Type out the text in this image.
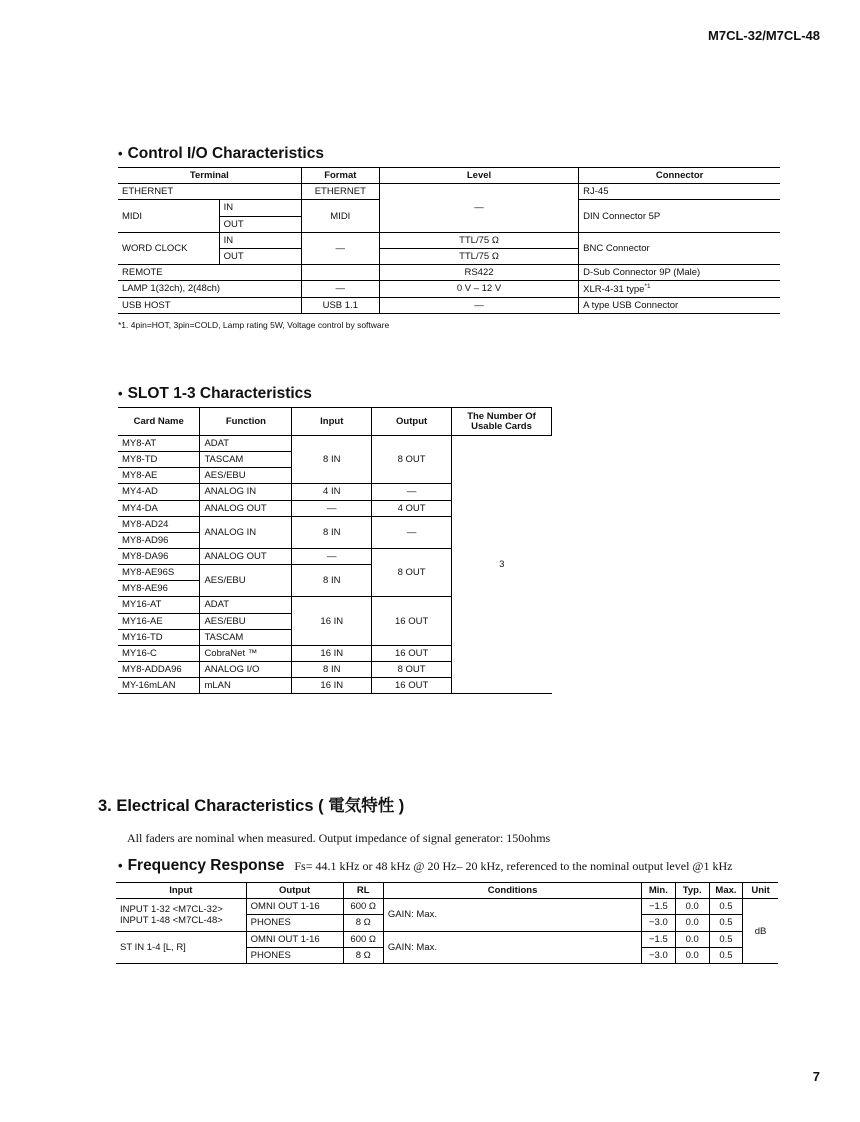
M7CL-32/M7CL-48
• Control I/O Characteristics
Terminal		Format	Level	Connector
ETHERNET		ETHERNET	—	RJ-45
MIDI	IN	MIDI		DIN Connector 5P
	OUT			
WORD CLOCK	IN	—	TTL/75 Ω	BNC Connector
	OUT		TTL/75 Ω	
REMOTE			RS422	D-Sub Connector 9P (Male)
LAMP 1(32ch), 2(48ch)		—	0 V – 12 V	XLR-4-31 type$^{*1}$
USB HOST		USB 1.1	—	A type USB Connector
*1. 4pin=HOT, 3pin=COLD, Lamp rating 5W, Voltage control by software
• SLOT 1-3 Characteristics
Card Name	Function	Input	Output	The Number Of
Usable Cards
MY8-AT	ADAT	8 IN	8 OUT	3
MY8-TD	TASCAM			
MY8-AE	AES/EBU			
MY4-AD	ANALOG IN	4 IN	—	
MY4-DA	ANALOG OUT	—	4 OUT	
MY8-AD24	ANALOG IN	8 IN	—	
MY8-AD96				
MY8-DA96	ANALOG OUT	—	8 OUT	
MY8-AE96S	AES/EBU	8 IN		
MY8-AE96				
MY16-AT	ADAT	16 IN	16 OUT	
MY16-AE	AES/EBU			
MY16-TD	TASCAM			
MY16-C	CobraNet ™	16 IN	16 OUT	
MY8-ADDA96	ANALOG I/O	8 IN	8 OUT	
MY-16mLAN	mLAN	16 IN	16 OUT	
3. Electrical Characteristics ( 電気特性 )
All faders are nominal when measured. Output impedance of signal generator: 150ohms
• Frequency Response Fs= 44.1 kHz or 48 kHz @ 20 Hz– 20 kHz, referenced to the nominal output level @1 kHz
Input	Output	RL	Conditions	Min.	Typ.	Max.	Unit
INPUT 1-32 <M7CL-32>
INPUT 1-48 <M7CL-48>	OMNI OUT 1-16	600 Ω	GAIN: Max.	−1.5	0.0	0.5	dB
	PHONES	8 Ω		−3.0	0.0	0.5	
ST IN 1-4 [L, R]	OMNI OUT 1-16	600 Ω	GAIN: Max.	−1.5	0.0	0.5	
	PHONES	8 Ω		−3.0	0.0	0.5	
7
